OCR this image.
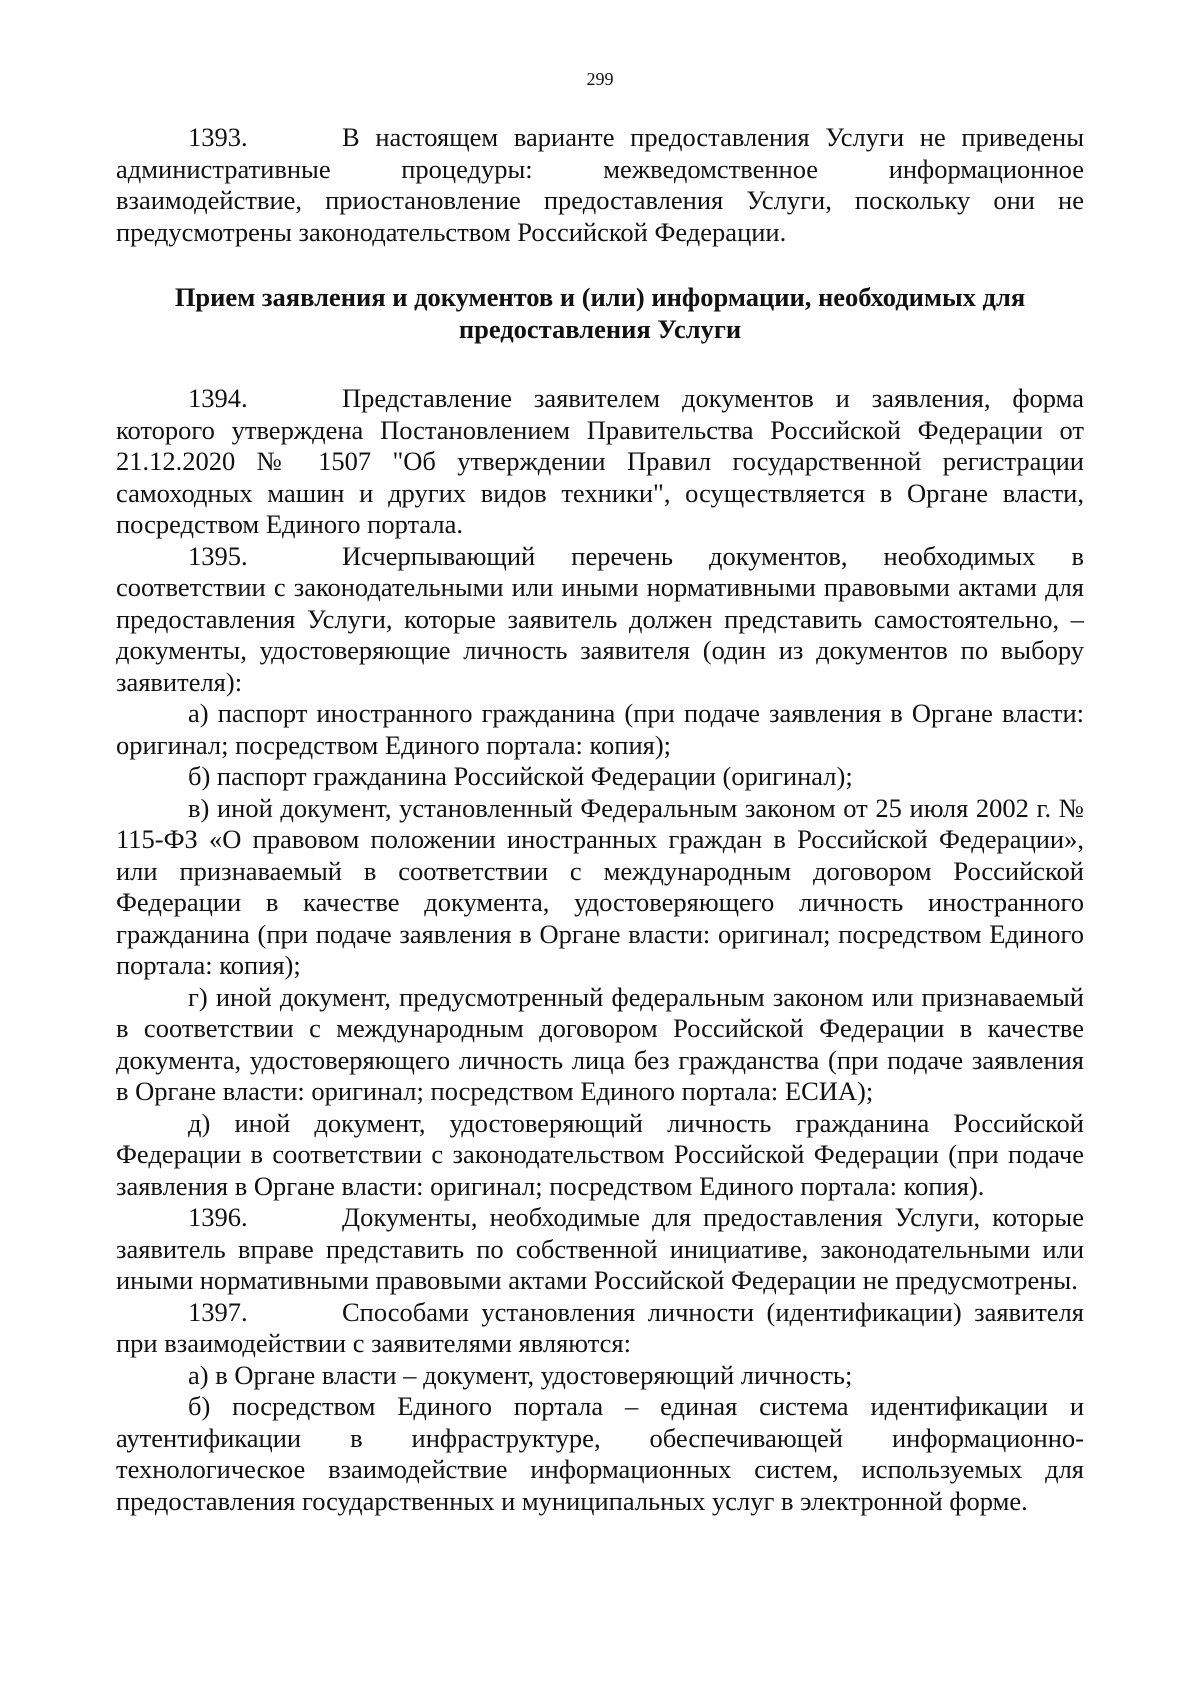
299

1393.	В настоящем варианте предоставления Услуги не приведены административные процедуры: межведомственное информационное взаимодействие, приостановление предоставления Услуги, поскольку они не предусмотрены законодательством Российской Федерации.

Прием заявления и документов и (или) информации, необходимых для
предоставления Услуги

1394.	Представление заявителем документов и заявления, форма которого утверждена Постановлением Правительства Российской Федерации от 21.12.2020 № 1507 "Об утверждении Правил государственной регистрации самоходных машин и других видов техники", осуществляется в Органе власти, посредством Единого портала.

1395.	Исчерпывающий перечень документов, необходимых в соответствии с законодательными или иными нормативными правовыми актами для предоставления Услуги, которые заявитель должен представить самостоятельно, – документы, удостоверяющие личность заявителя (один из документов по выбору заявителя):

а) паспорт иностранного гражданина (при подаче заявления в Органе власти: оригинал; посредством Единого портала: копия);

б) паспорт гражданина Российской Федерации (оригинал);

в) иной документ, установленный Федеральным законом от 25 июля 2002 г. № 115-ФЗ «О правовом положении иностранных граждан в Российской Федерации», или признаваемый в соответствии с международным договором Российской Федерации в качестве документа, удостоверяющего личность иностранного гражданина (при подаче заявления в Органе власти: оригинал; посредством Единого портала: копия);

г) иной документ, предусмотренный федеральным законом или признаваемый в соответствии с международным договором Российской Федерации в качестве документа, удостоверяющего личность лица без гражданства (при подаче заявления в Органе власти: оригинал; посредством Единого портала: ЕСИА);

д) иной документ, удостоверяющий личность гражданина Российской Федерации в соответствии с законодательством Российской Федерации (при подаче заявления в Органе власти: оригинал; посредством Единого портала: копия).

1396.	Документы, необходимые для предоставления Услуги, которые заявитель вправе представить по собственной инициативе, законодательными или иными нормативными правовыми актами Российской Федерации не предусмотрены.

1397.	Способами установления личности (идентификации) заявителя при взаимодействии с заявителями являются:

а) в Органе власти – документ, удостоверяющий личность;

б) посредством Единого портала – единая система идентификации и аутентификации в инфраструктуре, обеспечивающей информационно-технологическое взаимодействие информационных систем, используемых для предоставления государственных и муниципальных услуг в электронной форме.
